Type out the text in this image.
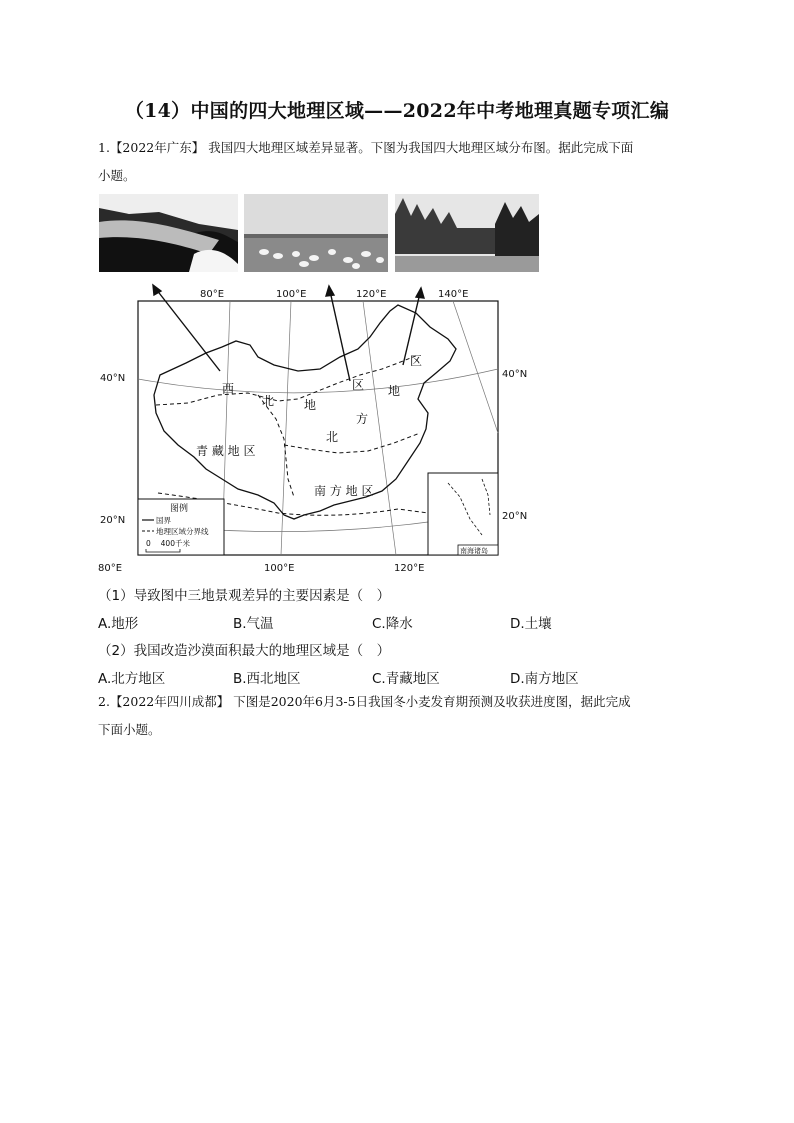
（14）中国的四大地理区域——2022年中考地理真题专项汇编
1.【2022年广东】 我国四大地理区域差异显著。下图为我国四大地理区域分布图。据此完成下面
小题。
西
北 地
区
北
方
地
区
青 藏 地 区
南 方 地 区
80°E	100°E	120°E	140°E
40°N
20°N
40°N
20°N
80°E	100°E	120°E
图例
国界
地理区域分界线
0　 400千米
南海诸岛
（1）导致图中三地景观差异的主要因素是（　）
A.地形	B.气温	C.降水	D.土壤
（2）我国改造沙漠面积最大的地理区域是（　）
A.北方地区	B.西北地区	C.青藏地区	D.南方地区
2.【2022年四川成都】 下图是2020年6月3-5日我国冬小麦发育期预测及收获进度图，据此完成
下面小题。
